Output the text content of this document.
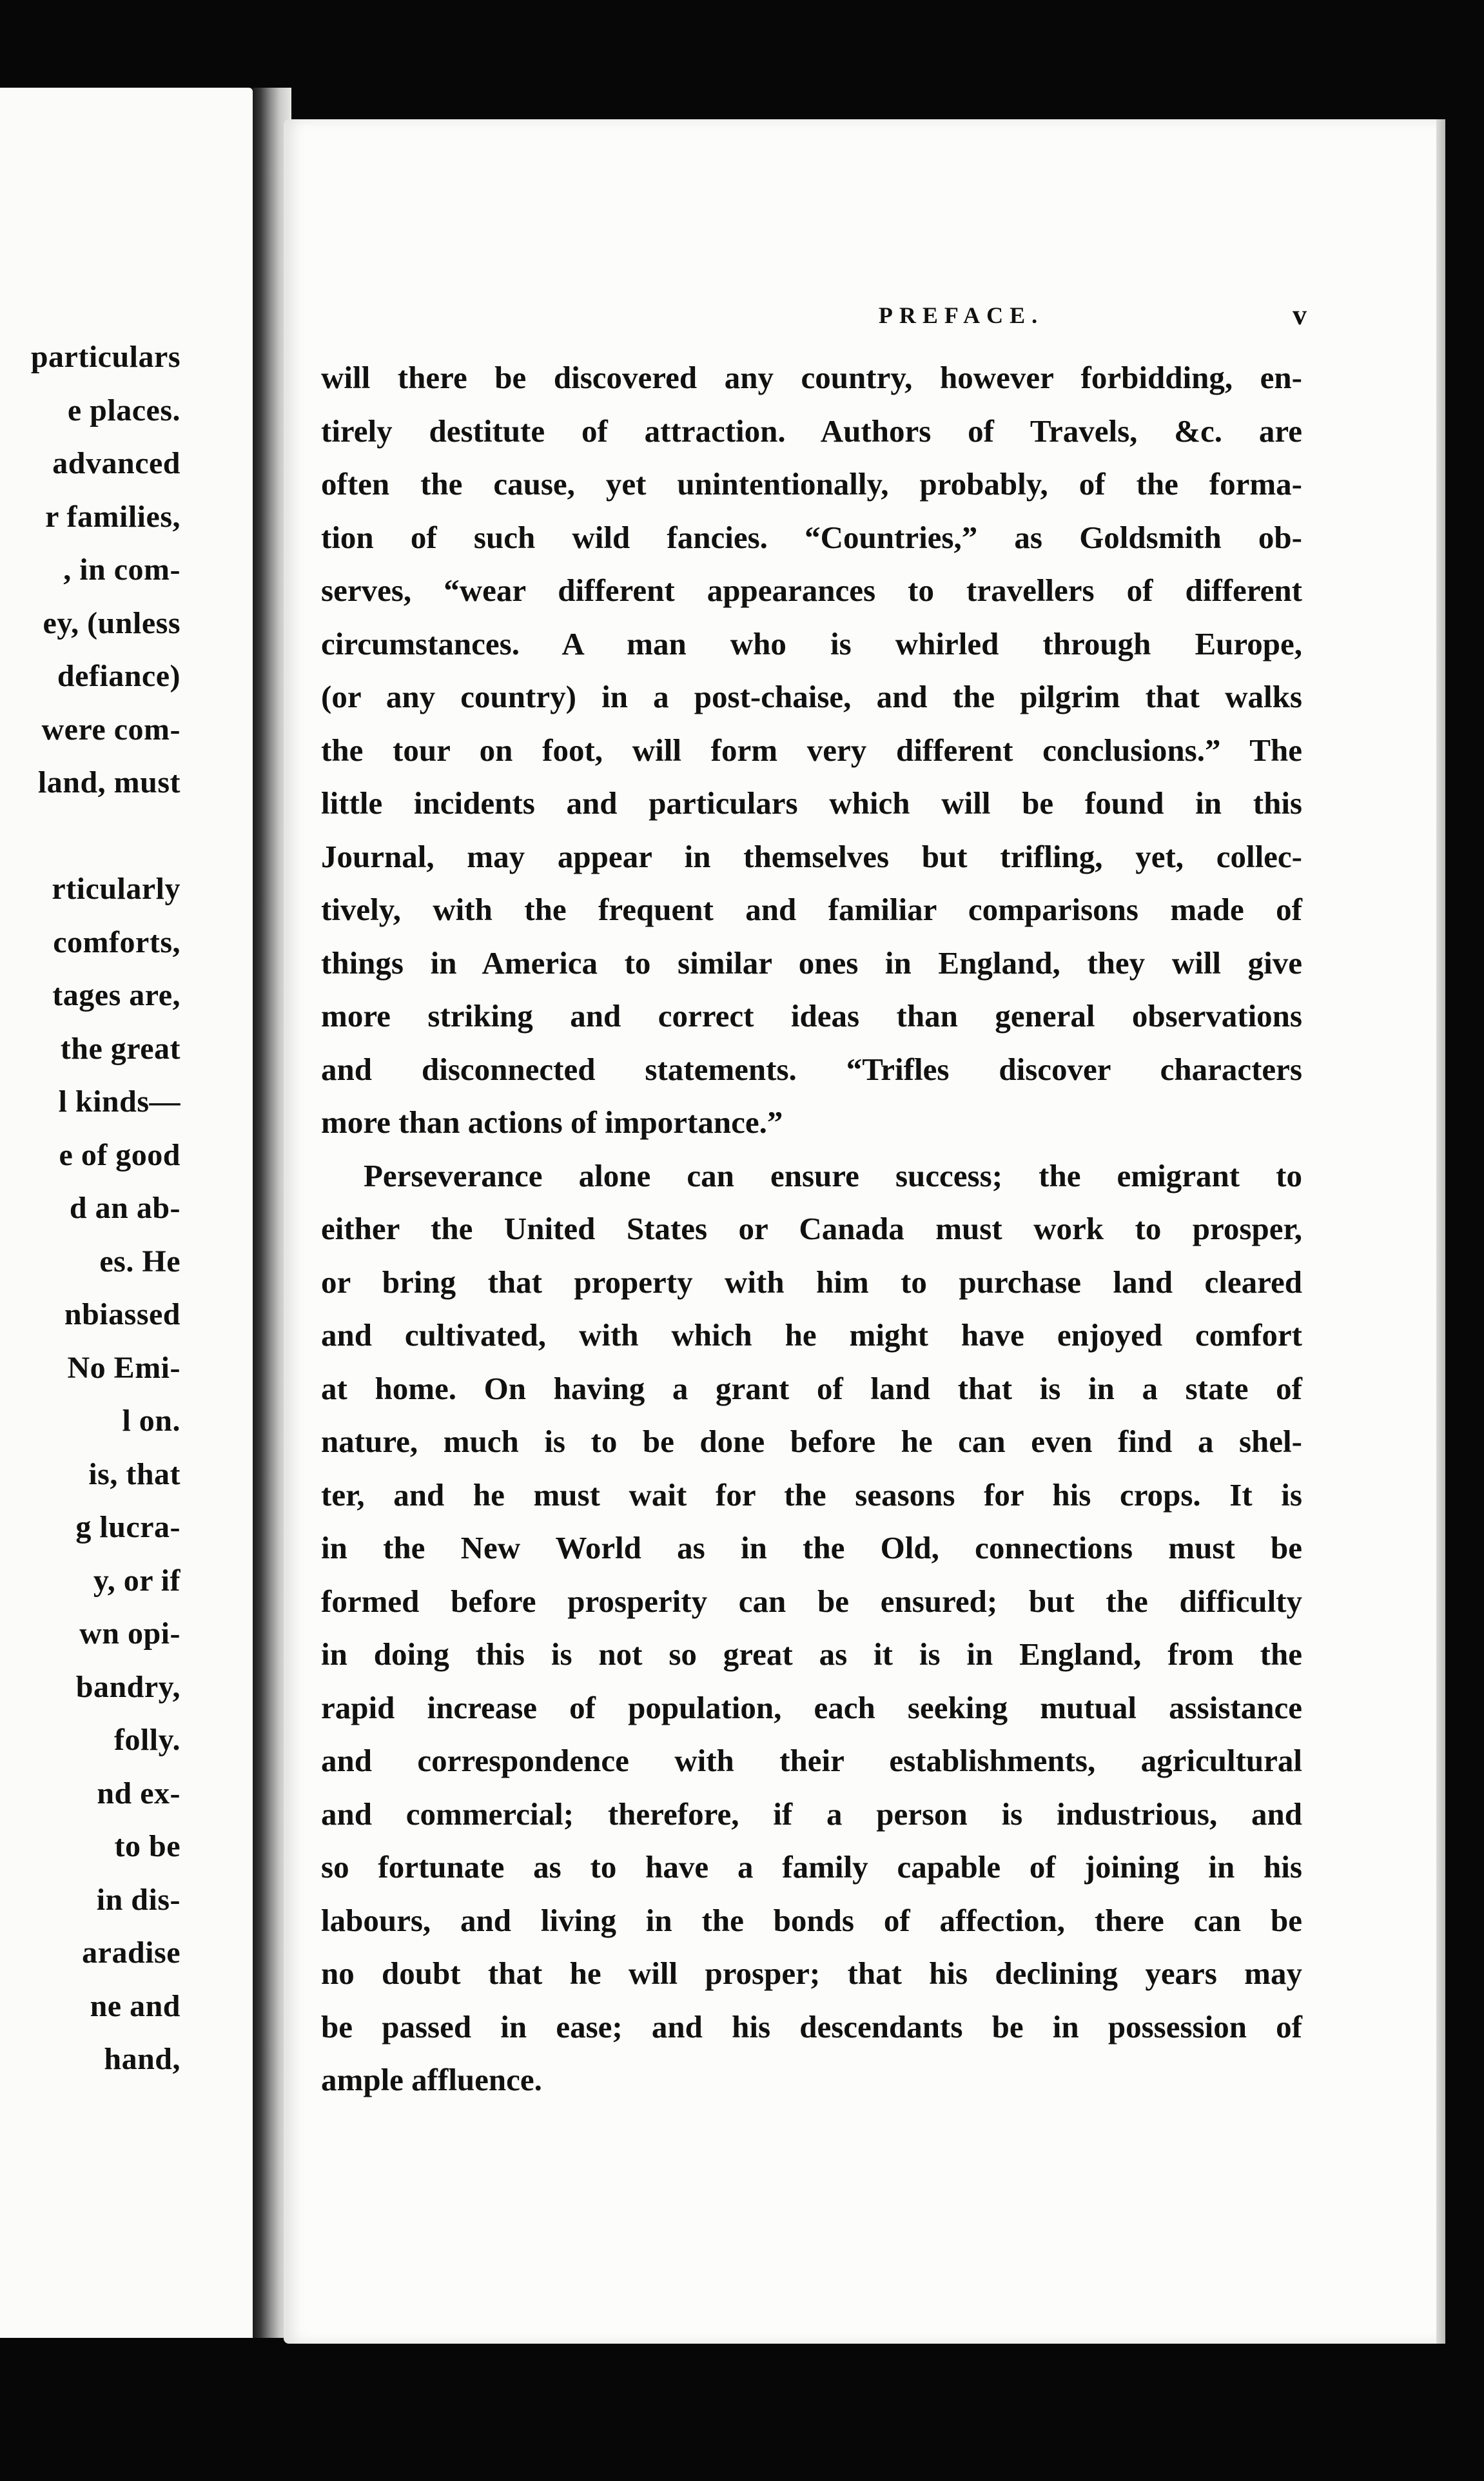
particulars
e places.
advanced
r families,
, in com-
ey, (unless
defiance)
were com-
land, must
rticularly
comforts,
tages are,
the great
l kinds—
e of good
d an ab-
es. He
nbiassed
No Emi-
l on.
is, that
g lucra-
y, or if
wn opi-
bandry,
folly.
nd ex-
to be
in dis-
aradise
ne and
hand,
PREFACE.	v
will there be discovered any country, however forbidding, en-
tirely destitute of attraction. Authors of Travels, &c. are
often the cause, yet unintentionally, probably, of the forma-
tion of such wild fancies. “Countries,” as Goldsmith ob-
serves, “wear different appearances to travellers of different
circumstances. A man who is whirled through Europe,
(or any country) in a post-chaise, and the pilgrim that walks
the tour on foot, will form very different conclusions.” The
little incidents and particulars which will be found in this
Journal, may appear in themselves but trifling, yet, collec-
tively, with the frequent and familiar comparisons made of
things in America to similar ones in England, they will give
more striking and correct ideas than general observations
and disconnected statements. “Trifles discover characters
more than actions of importance.”
Perseverance alone can ensure success; the emigrant to
either the United States or Canada must work to prosper,
or bring that property with him to purchase land cleared
and cultivated, with which he might have enjoyed comfort
at home. On having a grant of land that is in a state of
nature, much is to be done before he can even find a shel-
ter, and he must wait for the seasons for his crops. It is
in the New World as in the Old, connections must be
formed before prosperity can be ensured; but the difficulty
in doing this is not so great as it is in England, from the
rapid increase of population, each seeking mutual assistance
and correspondence with their establishments, agricultural
and commercial; therefore, if a person is industrious, and
so fortunate as to have a family capable of joining in his
labours, and living in the bonds of affection, there can be
no doubt that he will prosper; that his declining years may
be passed in ease; and his descendants be in possession of
ample affluence.
